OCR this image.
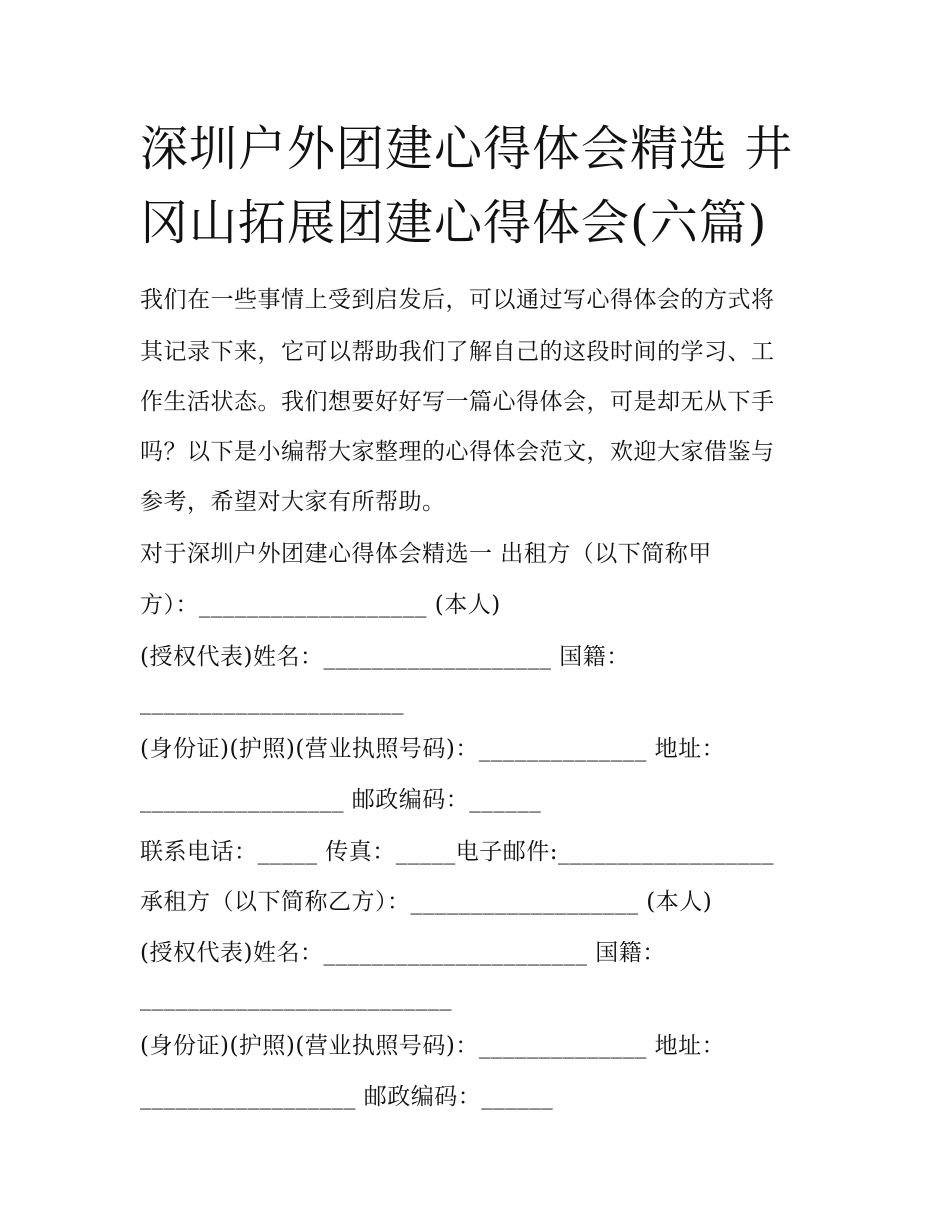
深圳户外团建心得体会精选 井
冈山拓展团建心得体会(六篇)
我们在一些事情上受到启发后，可以通过写心得体会的方式将
其记录下来，它可以帮助我们了解自己的这段时间的学习、工
作生活状态。我们想要好好写一篇心得体会，可是却无从下手
吗？以下是小编帮大家整理的心得体会范文，欢迎大家借鉴与
参考，希望对大家有所帮助。
对于深圳户外团建心得体会精选一 出租方（以下简称甲
方）：___________________ (本人)
(授权代表)姓名：___________________ 国籍：
______________________
(身份证)(护照)(营业执照号码)：______________ 地址：
_________________ 邮政编码：______
联系电话：_____ 传真：_____电子邮件:__________________
承租方（以下简称乙方）：___________________ (本人)
(授权代表)姓名：______________________ 国籍：
__________________________
(身份证)(护照)(营业执照号码)：______________ 地址：
__________________ 邮政编码：______
